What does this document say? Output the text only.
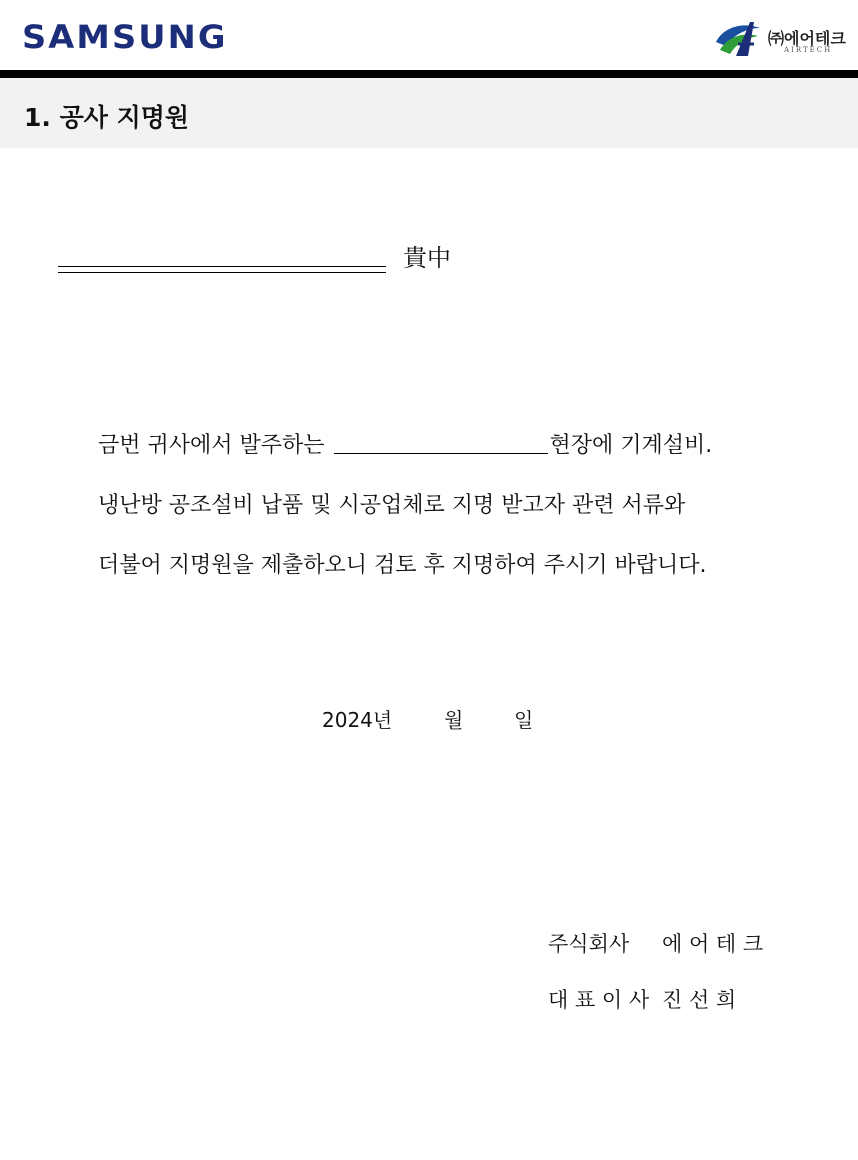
SAMSUNG	㈜에어테크
AIRTECH
1. 공사 지명원
貴中
금번 귀사에서 발주하는	현장에 기계설비.
냉난방 공조설비 납품 및 시공업체로 지명 받고자 관련 서류와
더불어 지명원을 제출하오니 검토 후 지명하여 주시기 바랍니다.
2024년	월	일
주식회사 에 어 테 크
대 표 이 사 진 선 희
